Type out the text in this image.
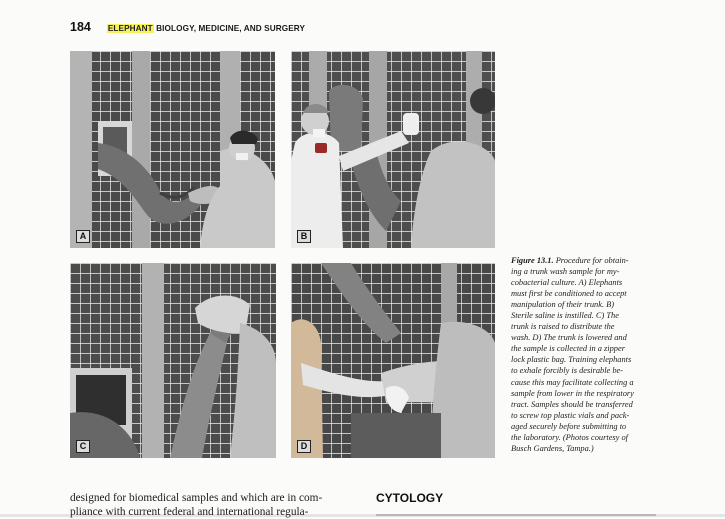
184 ELEPHANT BIOLOGY, MEDICINE, AND SURGERY
A	B
C	D
Figure 13.1. Procedure for obtain-
ing a trunk wash sample for my-
cobacterial culture. A) Elephants
must first be conditioned to accept
manipulation of their trunk. B)
Sterile saline is instilled. C) The
trunk is raised to distribute the
wash. D) The trunk is lowered and
the sample is collected in a zipper
lock plastic bag. Training elephants
to exhale forcibly is desirable be-
cause this may facilitate collecting a
sample from lower in the respiratory
tract. Samples should be transferred
to screw top plastic vials and pack-
aged securely before submitting to
the laboratory. (Photos courtesy of
Busch Gardens, Tampa.)
designed for biomedical samples and which are in com-
pliance with current federal and international regula-
CYTOLOGY
